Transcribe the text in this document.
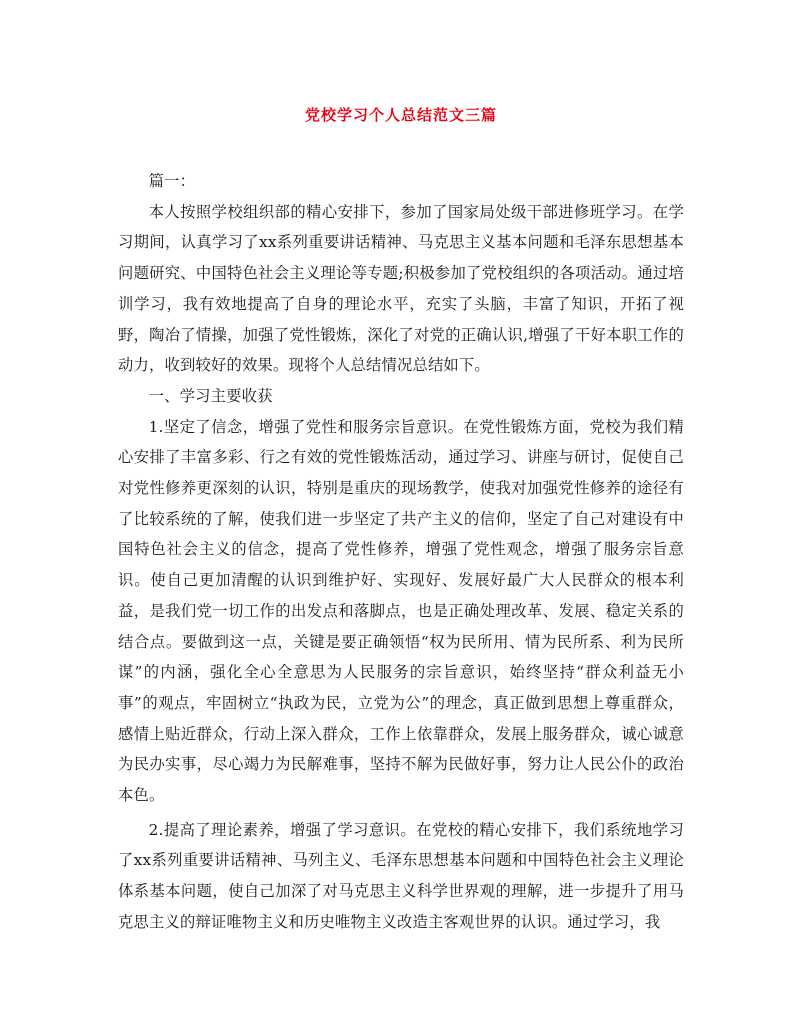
党校学习个人总结范文三篇

篇一：

本人按照学校组织部的精心安排下，参加了国家局处级干部进修班学习。在学习期间，认真学习了xx系列重要讲话精神、马克思主义基本问题和毛泽东思想基本问题研究、中国特色社会主义理论等专题;积极参加了党校组织的各项活动。通过培训学习，我有效地提高了自身的理论水平，充实了头脑，丰富了知识，开拓了视野，陶冶了情操，加强了党性锻炼，深化了对党的正确认识,增强了干好本职工作的动力，收到较好的效果。现将个人总结情况总结如下。

一、学习主要收获

1.坚定了信念，增强了党性和服务宗旨意识。在党性锻炼方面，党校为我们精心安排了丰富多彩、行之有效的党性锻炼活动，通过学习、讲座与研讨，促使自己对党性修养更深刻的认识，特别是重庆的现场教学，使我对加强党性修养的途径有了比较系统的了解，使我们进一步坚定了共产主义的信仰，坚定了自己对建设有中国特色社会主义的信念，提高了党性修养，增强了党性观念，增强了服务宗旨意识。使自己更加清醒的认识到维护好、实现好、发展好最广大人民群众的根本利益，是我们党一切工作的出发点和落脚点，也是正确处理改革、发展、稳定关系的结合点。要做到这一点，关键是要正确领悟“权为民所用、情为民所系、利为民所谋”的内涵，强化全心全意思为人民服务的宗旨意识，始终坚持“群众利益无小事”的观点，牢固树立“执政为民，立党为公”的理念，真正做到思想上尊重群众，感情上贴近群众，行动上深入群众，工作上依靠群众，发展上服务群众，诚心诚意为民办实事，尽心竭力为民解难事，坚持不解为民做好事，努力让人民公仆的政治本色。

2.提高了理论素养，增强了学习意识。在党校的精心安排下，我们系统地学习了xx系列重要讲话精神、马列主义、毛泽东思想基本问题和中国特色社会主义理论体系基本问题，使自己加深了对马克思主义科学世界观的理解，进一步提升了用马克思主义的辩证唯物主义和历史唯物主义改造主客观世界的认识。通过学习，我
